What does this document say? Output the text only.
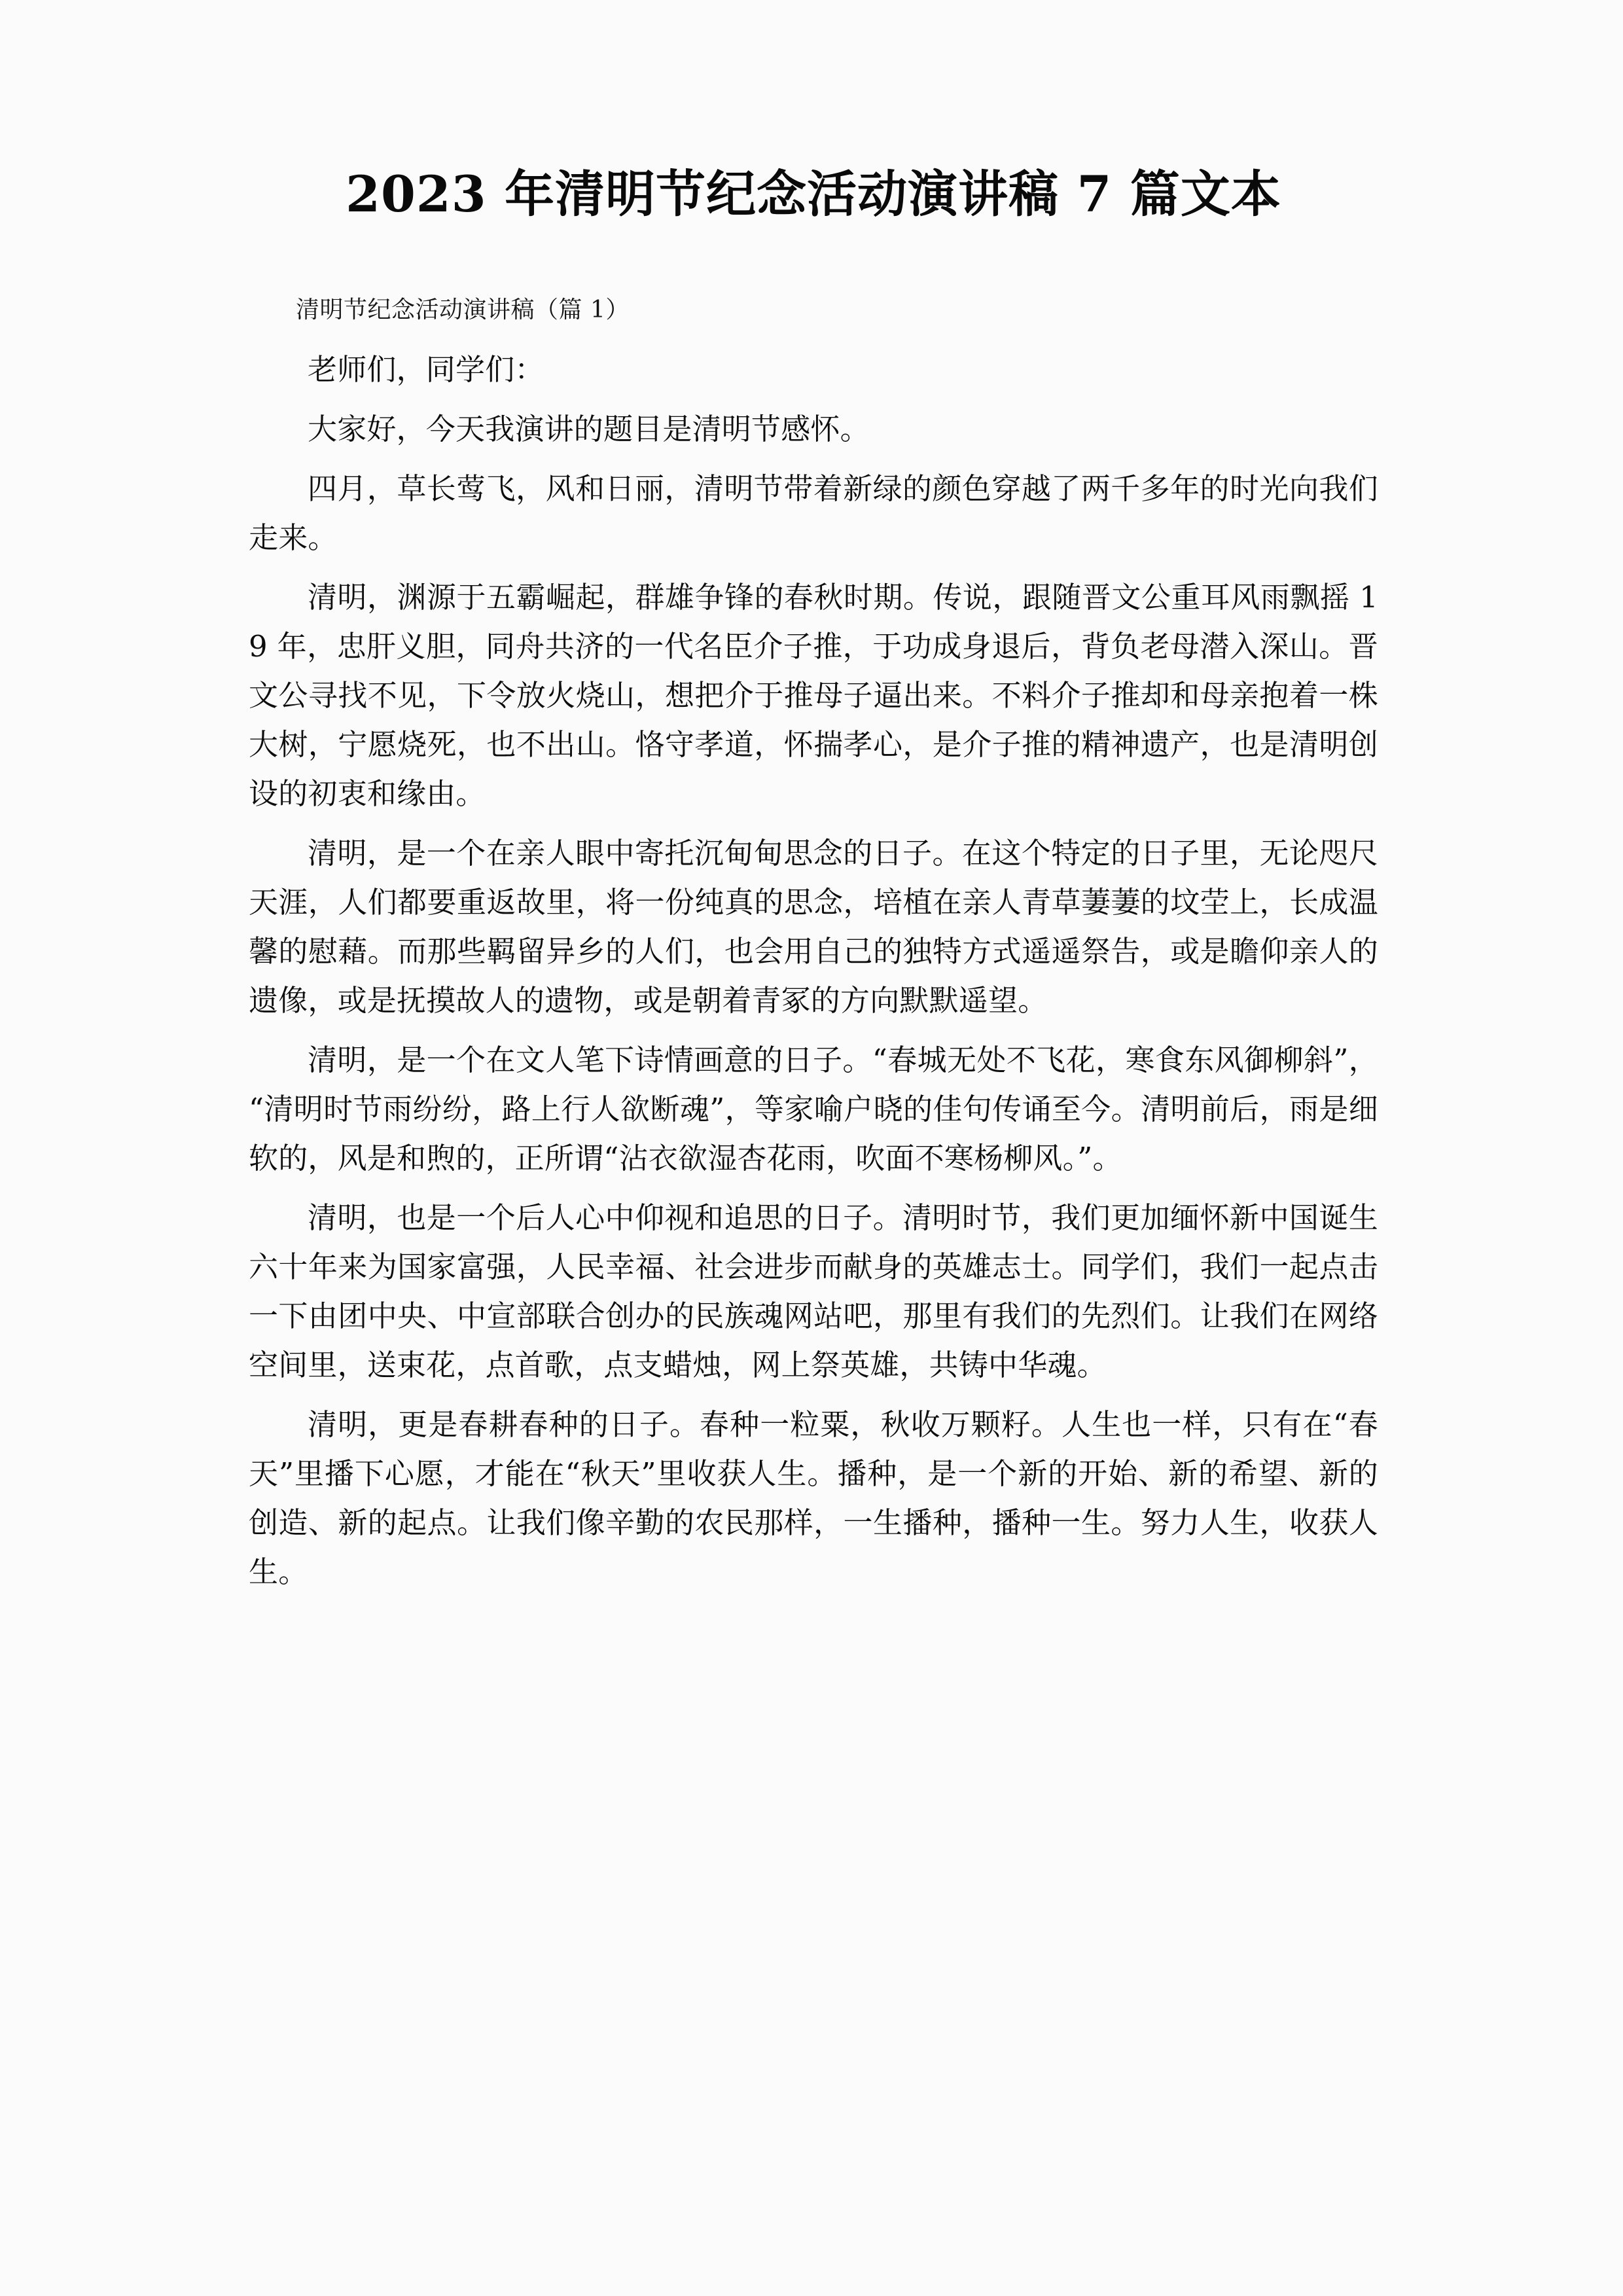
2023 年清明节纪念活动演讲稿 7 篇文本

清明节纪念活动演讲稿（篇 1）

老师们，同学们：

大家好，今天我演讲的题目是清明节感怀。

四月，草长莺飞，风和日丽，清明节带着新绿的颜色穿越了两千多年的时光向我们走来。

清明，渊源于五霸崛起，群雄争锋的春秋时期。传说，跟随晋文公重耳风雨飘摇 19 年，忠肝义胆，同舟共济的一代名臣介子推，于功成身退后，背负老母潜入深山。晋文公寻找不见，下令放火烧山，想把介于推母子逼出来。不料介子推却和母亲抱着一株大树，宁愿烧死，也不出山。恪守孝道，怀揣孝心，是介子推的精神遗产，也是清明创设的初衷和缘由。

清明，是一个在亲人眼中寄托沉甸甸思念的日子。在这个特定的日子里，无论咫尺天涯，人们都要重返故里，将一份纯真的思念，培植在亲人青草萋萋的坟茔上，长成温馨的慰藉。而那些羁留异乡的人们，也会用自己的独特方式遥遥祭告，或是瞻仰亲人的遗像，或是抚摸故人的遗物，或是朝着青冢的方向默默遥望。

清明，是一个在文人笔下诗情画意的日子。“春城无处不飞花，寒食东风御柳斜”，“清明时节雨纷纷，路上行人欲断魂”，等家喻户晓的佳句传诵至今。清明前后，雨是细软的，风是和煦的，正所谓“沾衣欲湿杏花雨，吹面不寒杨柳风。”。

清明，也是一个后人心中仰视和追思的日子。清明时节，我们更加缅怀新中国诞生六十年来为国家富强，人民幸福、社会进步而献身的英雄志士。同学们，我们一起点击一下由团中央、中宣部联合创办的民族魂网站吧，那里有我们的先烈们。让我们在网络空间里，送束花，点首歌，点支蜡烛，网上祭英雄，共铸中华魂。

清明，更是春耕春种的日子。春种一粒粟，秋收万颗籽。人生也一样，只有在“春天”里播下心愿，才能在“秋天”里收获人生。播种，是一个新的开始、新的希望、新的创造、新的起点。让我们像辛勤的农民那样，一生播种，播种一生。努力人生，收获人生。
